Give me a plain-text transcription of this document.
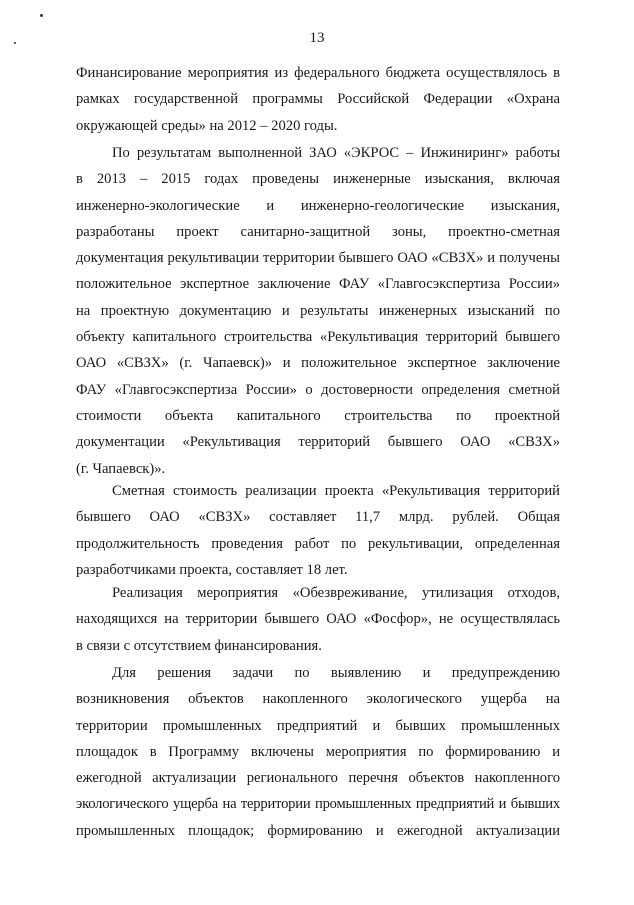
13
Финансирование мероприятия из федерального бюджета осуществлялось в
рамках государственной программы Российской Федерации «Охрана
окружающей среды» на 2012 – 2020 годы.
По результатам выполненной ЗАО «ЭКРОС – Инжиниринг» работы
в 2013 – 2015 годах проведены инженерные изыскания, включая
инженерно-экологические и инженерно-геологические изыскания,
разработаны проект санитарно-защитной зоны, проектно-сметная
документация рекультивации территории бывшего ОАО «СВЗХ» и получены
положительное экспертное заключение ФАУ «Главгосэкспертиза России»
на проектную документацию и результаты инженерных изысканий по
объекту капитального строительства «Рекультивация территорий бывшего
ОАО «СВЗХ» (г. Чапаевск)» и положительное экспертное заключение
ФАУ «Главгосэкспертиза России» о достоверности определения сметной
стоимости объекта капитального строительства по проектной
документации «Рекультивация территорий бывшего ОАО «СВЗХ»
(г. Чапаевск)».
Сметная стоимость реализации проекта «Рекультивация территорий
бывшего ОАО «СВЗХ» составляет 11,7 млрд. рублей. Общая
продолжительность проведения работ по рекультивации, определенная
разработчиками проекта, составляет 18 лет.
Реализация мероприятия «Обезвреживание, утилизация отходов,
находящихся на территории бывшего ОАО «Фосфор», не осуществлялась
в связи с отсутствием финансирования.
Для решения задачи по выявлению и предупреждению
возникновения объектов накопленного экологического ущерба на
территории промышленных предприятий и бывших промышленных
площадок в Программу включены мероприятия по формированию и
ежегодной актуализации регионального перечня объектов накопленного
экологического ущерба на территории промышленных предприятий и бывших
промышленных площадок; формированию и ежегодной актуализации
